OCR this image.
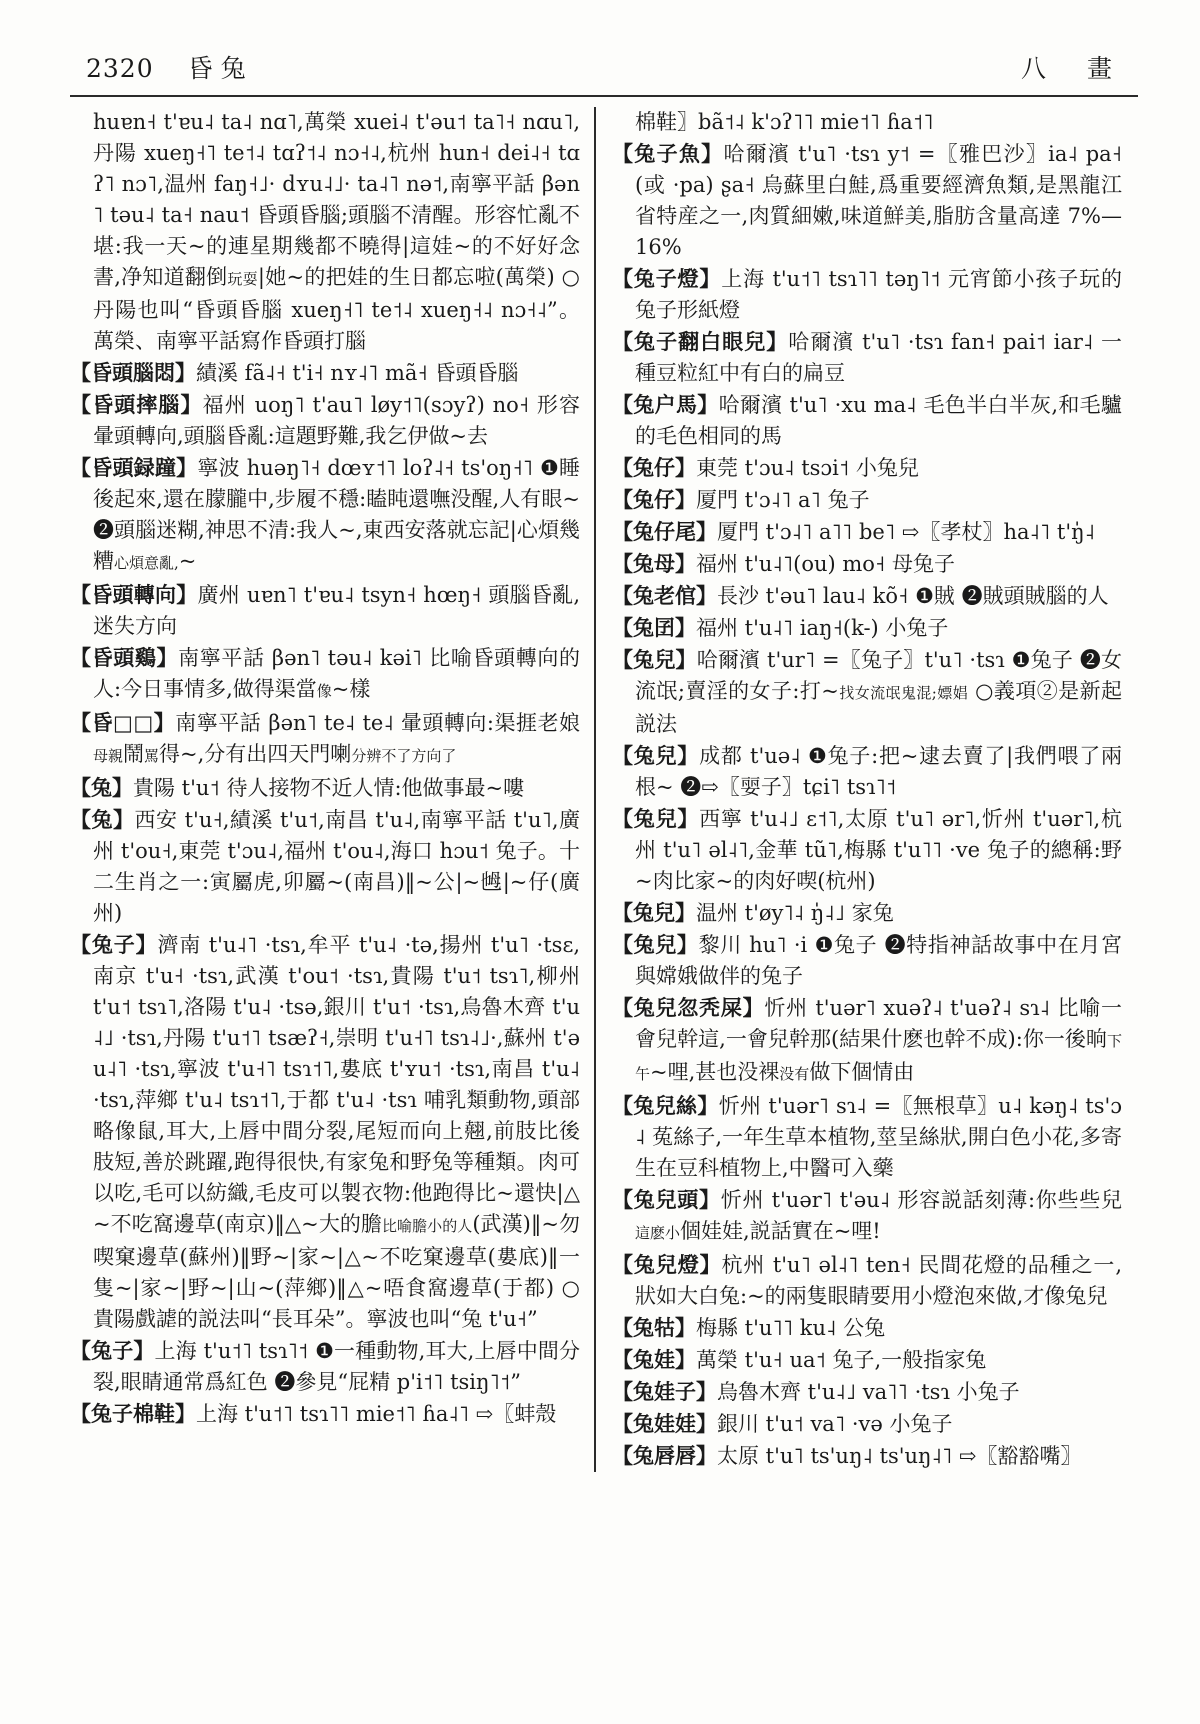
2320 昏兔	八　畫

huɐn˧ t'ɐu˨ ta˨ nɑ˥,萬榮 xuei˨ t'əu˦ ta˥˧ nɑu˥,丹陽 xueŋ˧˥ te˦˨ tɑʔ˦˨ nɔ˧˨,杭州 hun˧ dei˨˧ tɑʔ˥ nɔ˥,温州 faŋ˧˩· dʏu˨˩· ta˨˥ nə˦,南寧平話 βən˥ təu˨ ta˧ nau˦ 昏頭昏腦;頭腦不清醒。形容忙亂不堪:我一天~的連星期幾都不曉得|這娃~的不好好念書,净知道翻倒玩耍|她~的把娃的生日都忘啦(萬榮) ○丹陽也叫“昏頭昏腦 xueŋ˧˥ te˦˨ xueŋ˧˨ nɔ˧˨”。萬榮、南寧平話寫作昏頭打腦

【昏頭腦悶】績溪 fã˨˧ t'i˧ nʏ˨˥ mã˧ 昏頭昏腦

【昏頭摔腦】福州 uoŋ˥ t'au˥ løy˦˥(sɔyʔ) no˧ 形容暈頭轉向,頭腦昏亂:這題野難,我乞伊做~去

【昏頭録蹱】寧波 huəŋ˥˧ dœʏ˦˥ loʔ˨˧ ts'oŋ˧˥ ❶睡後起來,還在朦朧中,步履不穩:瞌盹還嘸没醒,人有眼~ ❷頭腦迷糊,神思不清:我人~,東西安落就忘記|心煩幾糟心煩意亂,~

【昏頭轉向】廣州 uɐn˥ t'ɐu˨ tsyn˧ hœŋ˧ 頭腦昏亂,迷失方向

【昏頭鷄】南寧平話 βən˥ təu˨ kəi˥ 比喻昏頭轉向的人:今日事情多,做得渠當像~樣

【昏□□】南寧平話 βən˥ te˨ te˨ 暈頭轉向:渠捱老娘母親鬧罵得~,分有出四天門喇分辨不了方向了

【兔】貴陽 t'u˦ 待人接物不近人情:他做事最~嘍

【兔】西安 t'u˧,績溪 t'u˦,南昌 t'u˨,南寧平話 t'u˥,廣州 t'ou˧,東莞 t'ɔu˨,福州 t'ou˨,海口 hɔu˦ 兔子。十二生肖之一:寅屬虎,卯屬~(南昌)‖~公|~乸|~仔(廣州)

【兔子】濟南 t'u˨˥ ·tsɿ,牟平 t'u˨ ·tə,揚州 t'u˥ ·tsɛ,南京 t'u˧ ·tsɿ,武漢 t'ou˦ ·tsɿ,貴陽 t'u˦ tsɿ˥,柳州 t'u˦ tsɿ˥,洛陽 t'u˨ ·tsə,銀川 t'u˦ ·tsɿ,烏魯木齊 t'u˨˩ ·tsɿ,丹陽 t'u˦˥ tsæʔ˧,崇明 t'u˧˥ tsɿ˨˩·,蘇州 t'əu˨˥ ·tsɿ,寧波 t'u˧˥ tsɿ˦˥,婁底 t'ʏu˦ ·tsɿ,南昌 t'u˨ ·tsɿ,萍鄉 t'u˨ tsɿ˦˥,于都 t'u˨ ·tsɿ 哺乳類動物,頭部略像鼠,耳大,上唇中間分裂,尾短而向上翹,前肢比後肢短,善於跳躍,跑得很快,有家兔和野兔等種類。肉可以吃,毛可以紡織,毛皮可以製衣物:他跑得比~還快|△~不吃窩邊草(南京)‖△~大的膽比喻膽小的人(武漢)‖~勿喫窠邊草(蘇州)‖野~|家~|△~不吃窠邊草(婁底)‖一隻~|家~|野~|山~(萍鄉)‖△~唔食窩邊草(于都) ○貴陽戲謔的説法叫“長耳朵”。寧波也叫“兔 t'u˧”

【兔子】上海 t'u˦˥ tsɿ˥˦ ❶一種動物,耳大,上唇中間分裂,眼睛通常爲紅色 ❷參見“屁精 p'i˦˥ tsiŋ˥˦”

【兔子棉鞋】上海 t'u˦˥ tsɿ˥˥ mie˦˥ ɦa˨˥ ⇨〖蚌殼

棉鞋〗bã˦˨ k'ɔʔ˥˥ mie˦˥ ɦa˦˥

【兔子魚】哈爾濱 t'u˥ ·tsɿ y˦ =〖雅巴沙〗ia˨ pa˧(或 ·pa) ʂa˧ 烏蘇里白鮭,爲重要經濟魚類,是黑龍江省特産之一,肉質細嫩,味道鮮美,脂肪含量高達 7%—16%

【兔子燈】上海 t'u˦˥ tsɿ˥˥ təŋ˥˦ 元宵節小孩子玩的兔子形紙燈

【兔子翻白眼兒】哈爾濱 t'u˥ ·tsɿ fan˧ pai˦ iar˨ 一種豆粒紅中有白的扁豆

【兔户馬】哈爾濱 t'u˥ ·xu ma˨ 毛色半白半灰,和毛驢的毛色相同的馬

【兔仔】東莞 t'ɔu˨ tsɔi˦ 小兔兒

【兔仔】厦門 t'ɔ˨˥ a˥ 兔子

【兔仔尾】厦門 t'ɔ˨˥ a˥˥ be˥ ⇨〖孝杖〗ha˨˥ t'ŋ̍˨

【兔母】福州 t'u˨˥(ou) mo˧ 母兔子

【兔老倌】長沙 t'əu˥ lau˨ kõ˧ ❶賊 ❷賊頭賊腦的人

【兔囝】福州 t'u˨˥ iaŋ˧(k-) 小兔子

【兔兒】哈爾濱 t'ur˥ =〖兔子〗t'u˥ ·tsɿ ❶兔子 ❷女流氓;賣淫的女子:打~找女流氓鬼混;嫖娼 ○義項②是新起説法

【兔兒】成都 t'uə˨ ❶兔子:把~逮去賣了|我們喂了兩根~ ❷⇨〖婯子〗tɕi˥ tsɿ˥˦

【兔兒】西寧 t'u˨˩ ɛ˦˥,太原 t'u˥ ər˥,忻州 t'uər˥,杭州 t'u˥ əl˨˥,金華 tũ˥,梅縣 t'u˥˥ ·ve 兔子的總稱:野~肉比家~的肉好喫(杭州)

【兔兒】温州 t'øy˥˨ ŋ̍˨˩ 家兔

【兔兒】黎川 hu˥ ·i ❶兔子 ❷特指神話故事中在月宮與嫦娥做伴的兔子

【兔兒忽秃屎】忻州 t'uər˥ xuəʔ˨ t'uəʔ˨ sɿ˨ 比喻一會兒幹這,一會兒幹那(結果什麽也幹不成):你一後晌下午~哩,甚也没裸没有做下個情由

【兔兒絲】忻州 t'uər˥ sɿ˨ =〖無根草〗u˨ kəŋ˨ ts'ɔ˨ 菟絲子,一年生草本植物,莖呈絲狀,開白色小花,多寄生在豆科植物上,中醫可入藥

【兔兒頭】忻州 t'uər˥ t'əu˨ 形容説話刻薄:你些些兒這麽小個娃娃,説話實在~哩!

【兔兒燈】杭州 t'u˥ əl˨˥ ten˧ 民間花燈的品種之一,狀如大白兔:~的兩隻眼睛要用小燈泡來做,才像兔兒

【兔牯】梅縣 t'u˥˥ ku˨ 公兔

【兔娃】萬榮 t'u˧ ua˦ 兔子,一般指家兔

【兔娃子】烏魯木齊 t'u˨˩ va˥˥ ·tsɿ 小兔子

【兔娃娃】銀川 t'u˦ va˥ ·və 小兔子

【兔唇唇】太原 t'u˥ ts'uŋ˨ ts'uŋ˨˥ ⇨〖豁豁嘴〗
